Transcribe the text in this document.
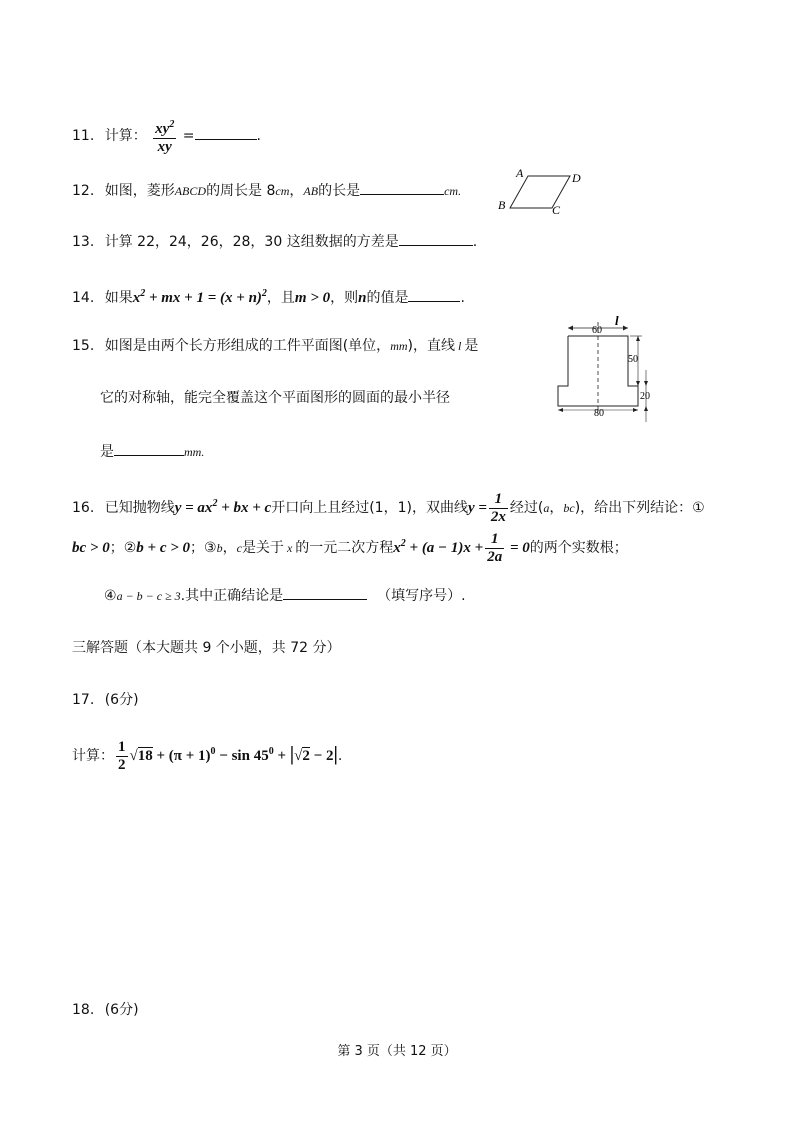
11. 计算： $\frac{xy^2}{xy}$ =	.
12. 如图，菱形ABCD的周长是 8cm，AB的长是	cm.
A	D
B	C
13. 计算 22，24，26，28，30 这组数据的方差是	.
14. 如果$x^2$ + mx + $1 = (x + n)^2$，且m > 0，则n的值是	.
15. 如图是由两个长方形组成的工件平面图(单位，mm)，直线 l 是
它的对称轴，能完全覆盖这个平面图形的圆面的最小半径
是	mm.
60
l
50
20
80
16. 已知抛物线$y = ax^2$ + bx + c开口向上且经过(1，1)，双曲线$y = \frac{1}{2x}$ 经过(a，bc)，给出下列结论：①
bc > 0；②b + c > 0；③b，c是关于 x 的一元二次方程$x^2 + (a - 1)x + \frac{1}{2a} = 0$的两个实数根；
④a − b − c ≥ 3.其中正确结论是	（填写序号）.
三解答题（本大题共 9 个小题，共 72 分）
17. (6分)
计算： $\frac{1}{2} √18 + (\pi + 1)^0 - \sin 45^0 + |√2 - 2|$.
18. (6分)
第 3 页（共 12 页）
